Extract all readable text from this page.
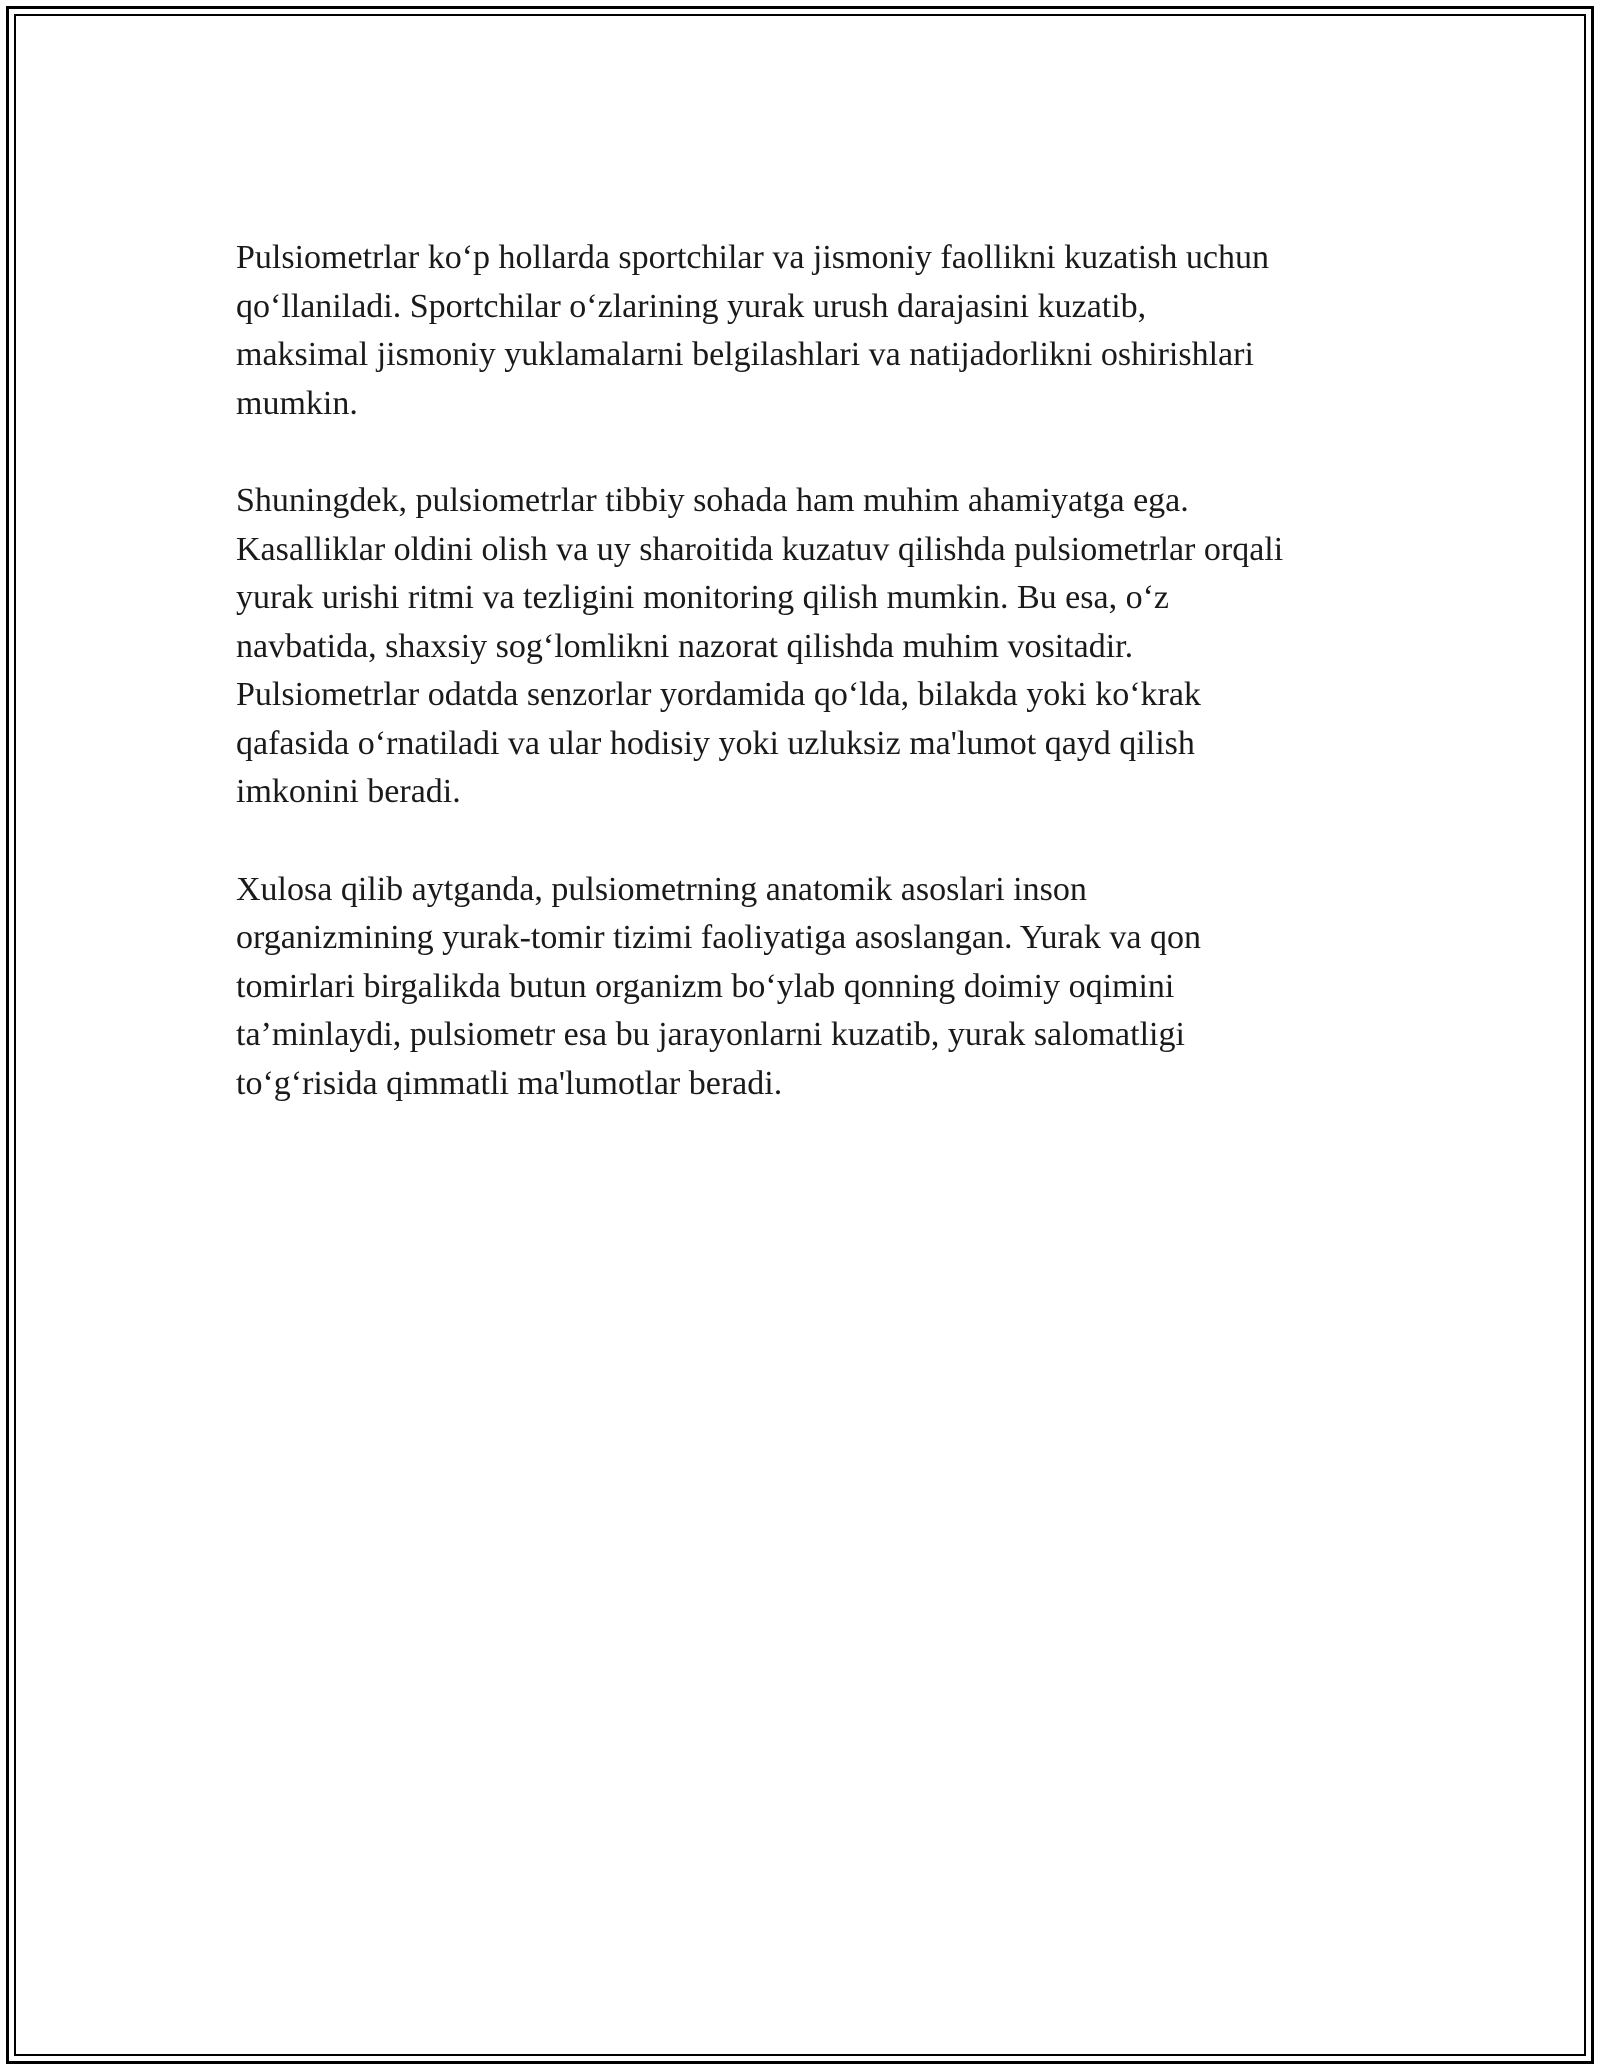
Pulsiometrlar ko‘p hollarda sportchilar va jismoniy faollikni kuzatish uchun
qo‘llaniladi. Sportchilar o‘zlarining yurak urush darajasini kuzatib,
maksimal jismoniy yuklamalarni belgilashlari va natijadorlikni oshirishlari
mumkin.

Shuningdek, pulsiometrlar tibbiy sohada ham muhim ahamiyatga ega.
Kasalliklar oldini olish va uy sharoitida kuzatuv qilishda pulsiometrlar orqali
yurak urishi ritmi va tezligini monitoring qilish mumkin. Bu esa, o‘z
navbatida, shaxsiy sog‘lomlikni nazorat qilishda muhim vositadir.
Pulsiometrlar odatda senzorlar yordamida qo‘lda, bilakda yoki ko‘krak
qafasida o‘rnatiladi va ular hodisiy yoki uzluksiz ma'lumot qayd qilish
imkonini beradi.

Xulosa qilib aytganda, pulsiometrning anatomik asoslari inson
organizmining yurak-tomir tizimi faoliyatiga asoslangan. Yurak va qon
tomirlari birgalikda butun organizm bo‘ylab qonning doimiy oqimini
ta’minlaydi, pulsiometr esa bu jarayonlarni kuzatib, yurak salomatligi
to‘g‘risida qimmatli ma'lumotlar beradi.
